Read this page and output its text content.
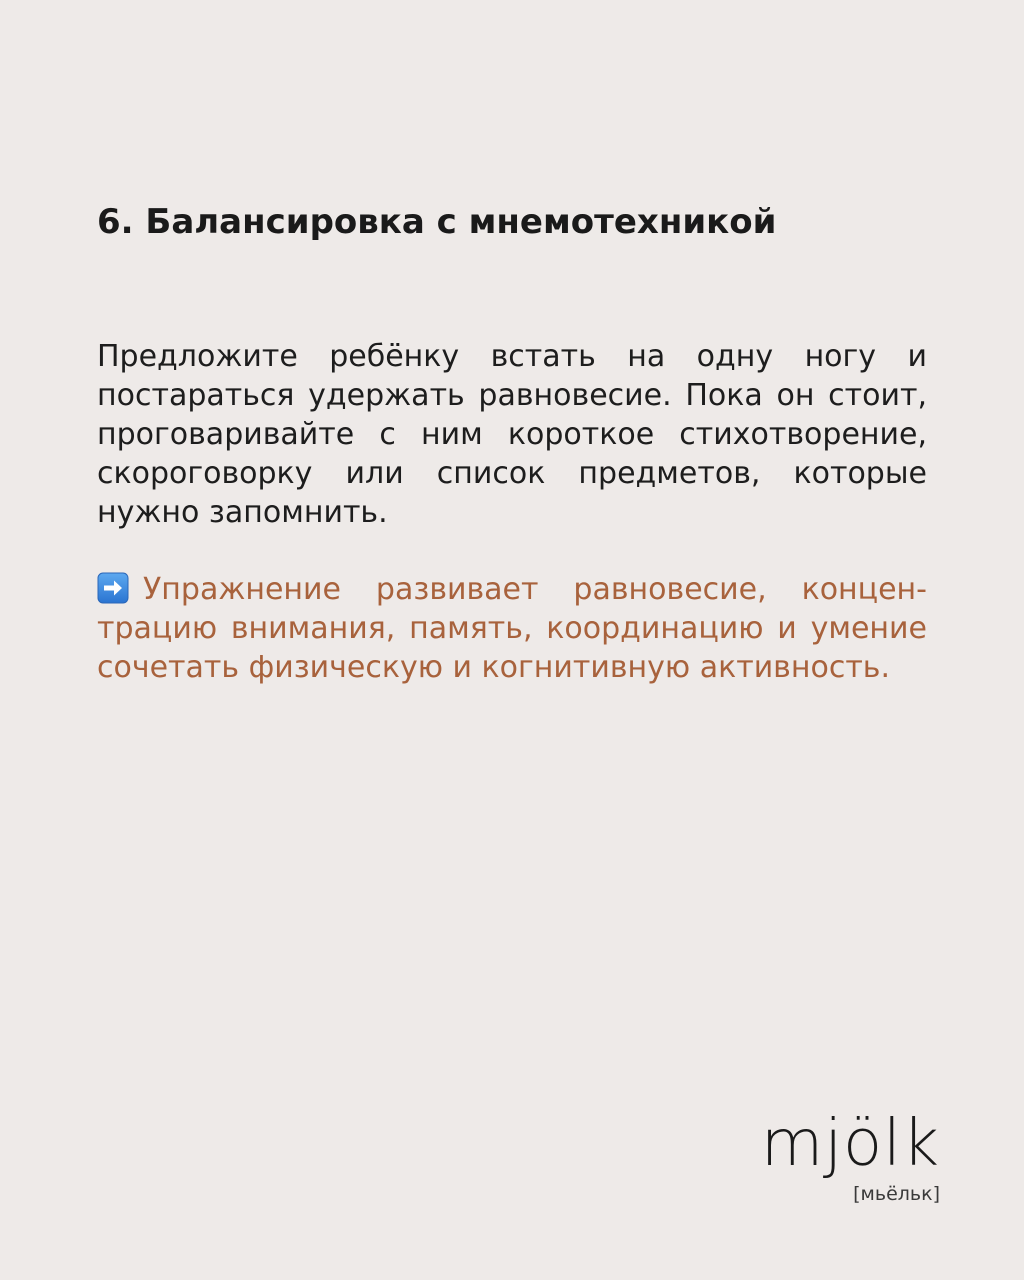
6. Балансировка с мнемотехникой

Предложите ребёнку встать на одну ногу и постараться удержать равновесие. Пока он стоит, проговаривайте с ним короткое стихотворение, скороговорку или список предметов, которые нужно запомнить.

Упражнение развивает равновесие, концентрацию внимания, память, координацию и умение сочетать физическую и когнитивную активность.

mjölk
[мьёльк]
